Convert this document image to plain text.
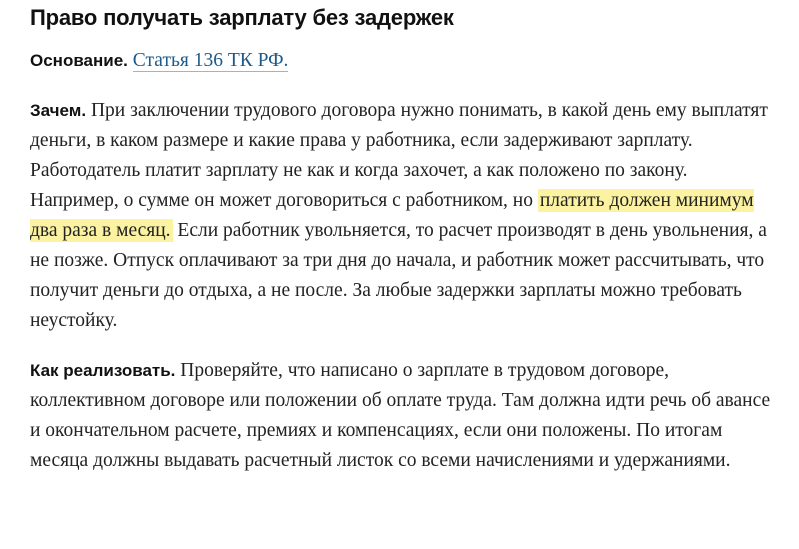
Право получать зарплату без задержек

Основание. Статья 136 ТК РФ.

Зачем. При заключении трудового договора нужно понимать, в какой день ему выплатят деньги, в каком размере и какие права у работника, если задерживают зарплату. Работодатель платит зарплату не как и когда захочет, а как положено по закону. Например, о сумме он может договориться с работником, но платить должен минимум два раза в месяц. Если работник увольняется, то расчет производят в день увольнения, а не позже. Отпуск оплачивают за три дня до начала, и работник может рассчитывать, что получит деньги до отдыха, а не после. За любые задержки зарплаты можно требовать неустойку.

Как реализовать. Проверяйте, что написано о зарплате в трудовом договоре, коллективном договоре или положении об оплате труда. Там должна идти речь об авансе и окончательном расчете, премиях и компенсациях, если они положены. По итогам месяца должны выдавать расчетный листок со всеми начислениями и удержаниями.
